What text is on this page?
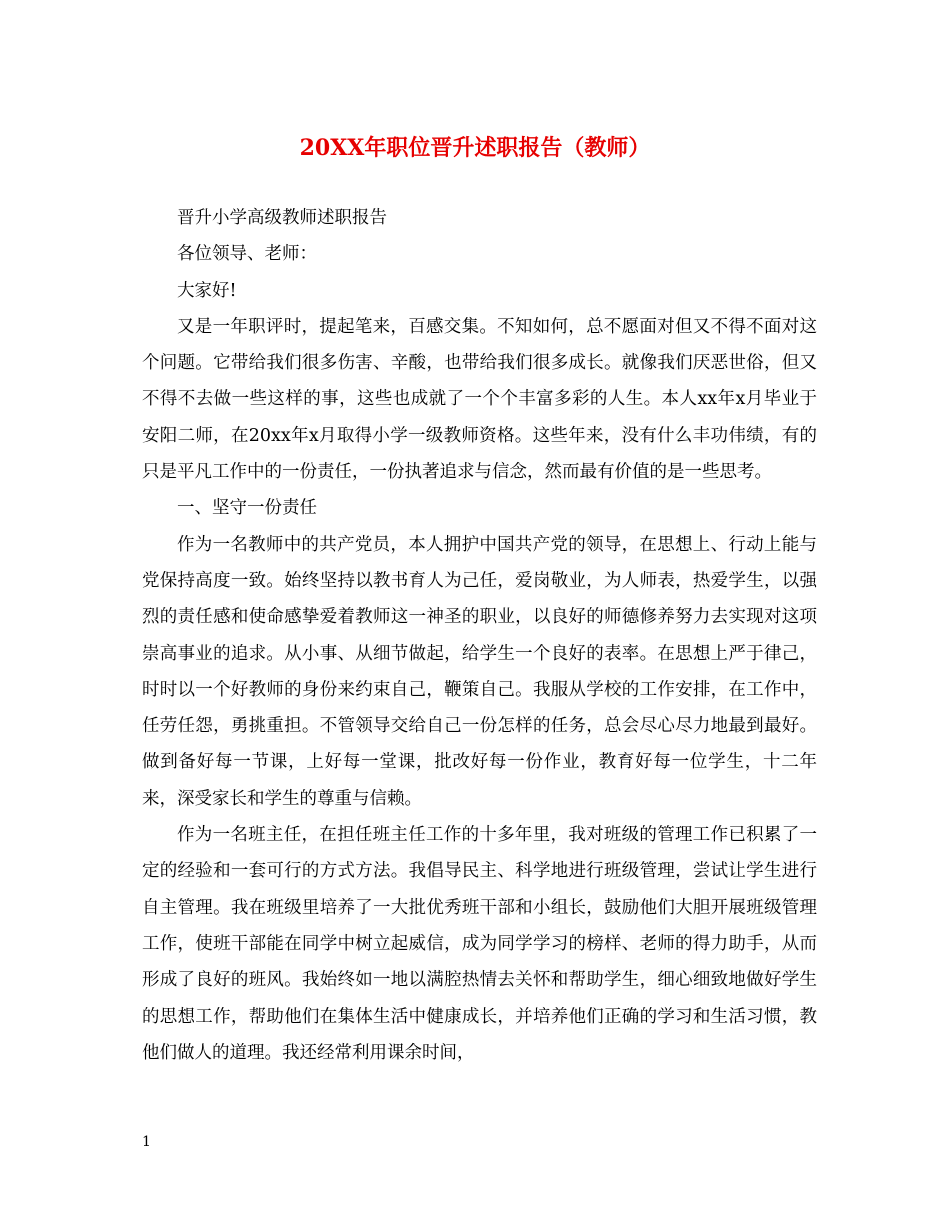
20XX年职位晋升述职报告（教师）

晋升小学高级教师述职报告

各位领导、老师：

大家好!

又是一年职评时，提起笔来，百感交集。不知如何，总不愿面对但又不得不面对这个问题。它带给我们很多伤害、辛酸，也带给我们很多成长。就像我们厌恶世俗，但又不得不去做一些这样的事，这些也成就了一个个丰富多彩的人生。本人xx年x月毕业于安阳二师，在20xx年x月取得小学一级教师资格。这些年来，没有什么丰功伟绩，有的只是平凡工作中的一份责任，一份执著追求与信念，然而最有价值的是一些思考。

一、坚守一份责任

作为一名教师中的共产党员，本人拥护中国共产党的领导，在思想上、行动上能与党保持高度一致。始终坚持以教书育人为己任，爱岗敬业，为人师表，热爱学生，以强烈的责任感和使命感挚爱着教师这一神圣的职业，以良好的师德修养努力去实现对这项崇高事业的追求。从小事、从细节做起，给学生一个良好的表率。在思想上严于律己，时时以一个好教师的身份来约束自己，鞭策自己。我服从学校的工作安排，在工作中，任劳任怨，勇挑重担。不管领导交给自己一份怎样的任务，总会尽心尽力地最到最好。做到备好每一节课，上好每一堂课，批改好每一份作业，教育好每一位学生，十二年来，深受家长和学生的尊重与信赖。

作为一名班主任，在担任班主任工作的十多年里，我对班级的管理工作已积累了一定的经验和一套可行的方式方法。我倡导民主、科学地进行班级管理，尝试让学生进行自主管理。我在班级里培养了一大批优秀班干部和小组长，鼓励他们大胆开展班级管理工作，使班干部能在同学中树立起威信，成为同学学习的榜样、老师的得力助手，从而形成了良好的班风。我始终如一地以满腔热情去关怀和帮助学生，细心细致地做好学生的思想工作，帮助他们在集体生活中健康成长，并培养他们正确的学习和生活习惯，教他们做人的道理。我还经常利用课余时间，

1
